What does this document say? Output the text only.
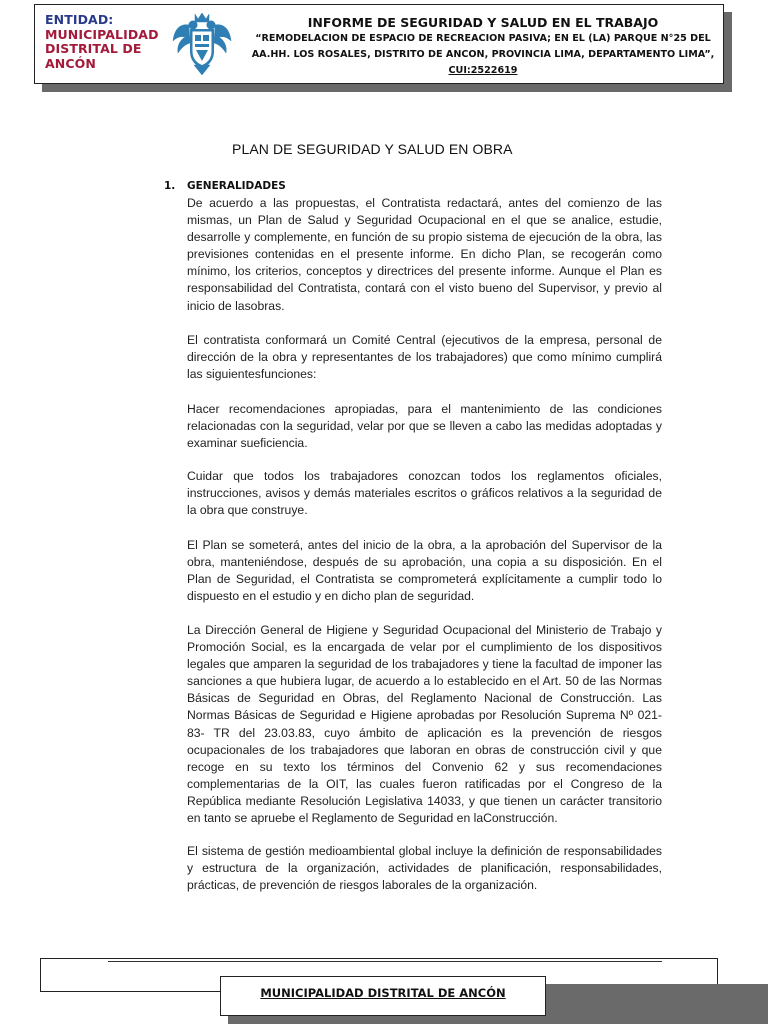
ENTIDAD:
MUNICIPALIDAD
DISTRITAL DE
ANCÓN
INFORME DE SEGURIDAD Y SALUD EN EL TRABAJO
“REMODELACION DE ESPACIO DE RECREACION PASIVA; EN EL (LA) PARQUE N°25 DEL
AA.HH. LOS ROSALES, DISTRITO DE ANCON, PROVINCIA LIMA, DEPARTAMENTO LIMA”,
CUI:2522619
PLAN DE SEGURIDAD Y SALUD EN OBRA
1. GENERALIDADES

De acuerdo a las propuestas, el Contratista redactará, antes del comienzo de las mismas, un Plan de Salud y Seguridad Ocupacional en el que se analice, estudie, desarrolle y complemente, en función de su propio sistema de ejecución de la obra, las previsiones contenidas en el presente informe. En dicho Plan, se recogerán como mínimo, los criterios, conceptos y directrices del presente informe. Aunque el Plan es responsabilidad del Contratista, contará con el visto bueno del Supervisor, y previo al inicio de lasobras.

El contratista conformará un Comité Central (ejecutivos de la empresa, personal de dirección de la obra y representantes de los trabajadores) que como mínimo cumplirá las siguientesfunciones:

Hacer recomendaciones apropiadas, para el mantenimiento de las condiciones relacionadas con la seguridad, velar por que se lleven a cabo las medidas adoptadas y examinar sueficiencia.

Cuidar que todos los trabajadores conozcan todos los reglamentos oficiales, instrucciones, avisos y demás materiales escritos o gráficos relativos a la seguridad de la obra que construye.

El Plan se someterá, antes del inicio de la obra, a la aprobación del Supervisor de la obra, manteniéndose, después de su aprobación, una copia a su disposición. En el Plan de Seguridad, el Contratista se comprometerá explícitamente a cumplir todo lo dispuesto en el estudio y en dicho plan de seguridad.

La Dirección General de Higiene y Seguridad Ocupacional del Ministerio de Trabajo y Promoción Social, es la encargada de velar por el cumplimiento de los dispositivos legales que amparen la seguridad de los trabajadores y tiene la facultad de imponer las sanciones a que hubiera lugar, de acuerdo a lo establecido en el Art. 50 de las Normas Básicas de Seguridad en Obras, del Reglamento Nacional de Construcción. Las Normas Básicas de Seguridad e Higiene aprobadas por Resolución Suprema Nº 021-83- TR del 23.03.83, cuyo ámbito de aplicación es la prevención de riesgos ocupacionales de los trabajadores que laboran en obras de construcción civil y que recoge en su texto los términos del Convenio 62 y sus recomendaciones complementarias de la OIT, las cuales fueron ratificadas por el Congreso de la República mediante Resolución Legislativa 14033, y que tienen un carácter transitorio en tanto se apruebe el Reglamento de Seguridad en laConstrucción.

El sistema de gestión medioambiental global incluye la definición de responsabilidades y estructura de la organización, actividades de planificación, responsabilidades, prácticas, de prevención de riesgos laborales de la organización.

MUNICIPALIDAD DISTRITAL DE ANCÓN
